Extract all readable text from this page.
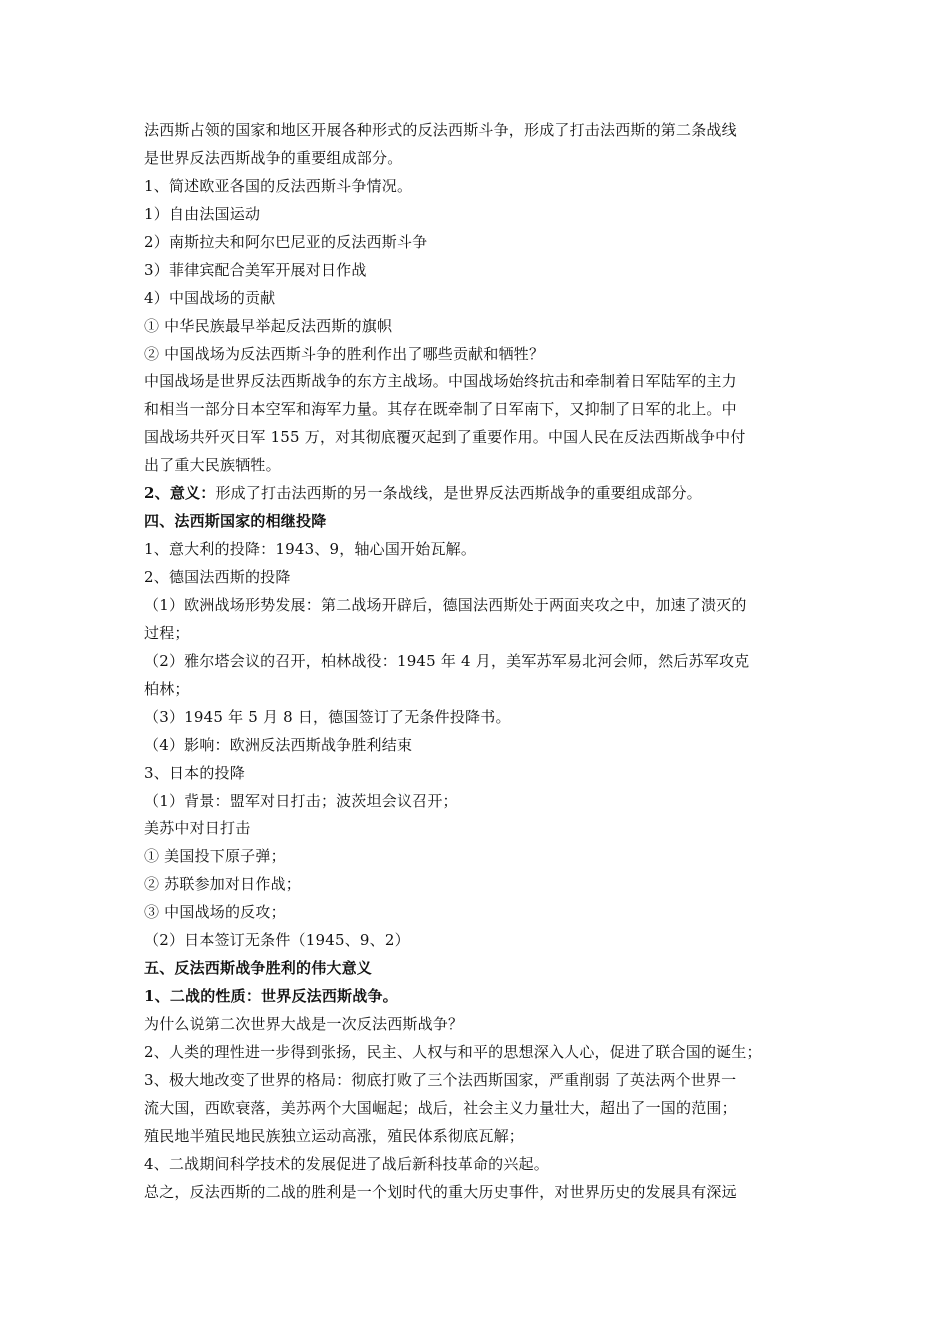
法西斯占领的国家和地区开展各种形式的反法西斯斗争，形成了打击法西斯的第二条战线
是世界反法西斯战争的重要组成部分。
1、简述欧亚各国的反法西斯斗争情况。
1）自由法国运动
2）南斯拉夫和阿尔巴尼亚的反法西斯斗争
3）菲律宾配合美军开展对日作战
4）中国战场的贡献
① 中华民族最早举起反法西斯的旗帜
② 中国战场为反法西斯斗争的胜利作出了哪些贡献和牺牲？
中国战场是世界反法西斯战争的东方主战场。中国战场始终抗击和牵制着日军陆军的主力
和相当一部分日本空军和海军力量。其存在既牵制了日军南下，又抑制了日军的北上。中
国战场共歼灭日军 155 万，对其彻底覆灭起到了重要作用。中国人民在反法西斯战争中付
出了重大民族牺牲。
2、意义：形成了打击法西斯的另一条战线，是世界反法西斯战争的重要组成部分。
四、法西斯国家的相继投降
1、意大利的投降：1943、9，轴心国开始瓦解。
2、德国法西斯的投降
（1）欧洲战场形势发展：第二战场开辟后，德国法西斯处于两面夹攻之中，加速了溃灭的
过程；
（2）雅尔塔会议的召开，柏林战役：1945 年 4 月，美军苏军易北河会师，然后苏军攻克
柏林；
（3）1945 年 5 月 8 日，德国签订了无条件投降书。
（4）影响：欧洲反法西斯战争胜利结束
3、日本的投降
（1）背景：盟军对日打击；波茨坦会议召开；
美苏中对日打击
① 美国投下原子弹；
② 苏联参加对日作战；
③ 中国战场的反攻；
（2）日本签订无条件（1945、9、2）
五、反法西斯战争胜利的伟大意义
1、二战的性质：世界反法西斯战争。
为什么说第二次世界大战是一次反法西斯战争？
2、人类的理性进一步得到张扬，民主、人权与和平的思想深入人心，促进了联合国的诞生；
3、极大地改变了世界的格局：彻底打败了三个法西斯国家，严重削弱 了英法两个世界一
流大国，西欧衰落，美苏两个大国崛起；战后，社会主义力量壮大，超出了一国的范围；
殖民地半殖民地民族独立运动高涨，殖民体系彻底瓦解；
4、二战期间科学技术的发展促进了战后新科技革命的兴起。
总之，反法西斯的二战的胜利是一个划时代的重大历史事件，对世界历史的发展具有深远
